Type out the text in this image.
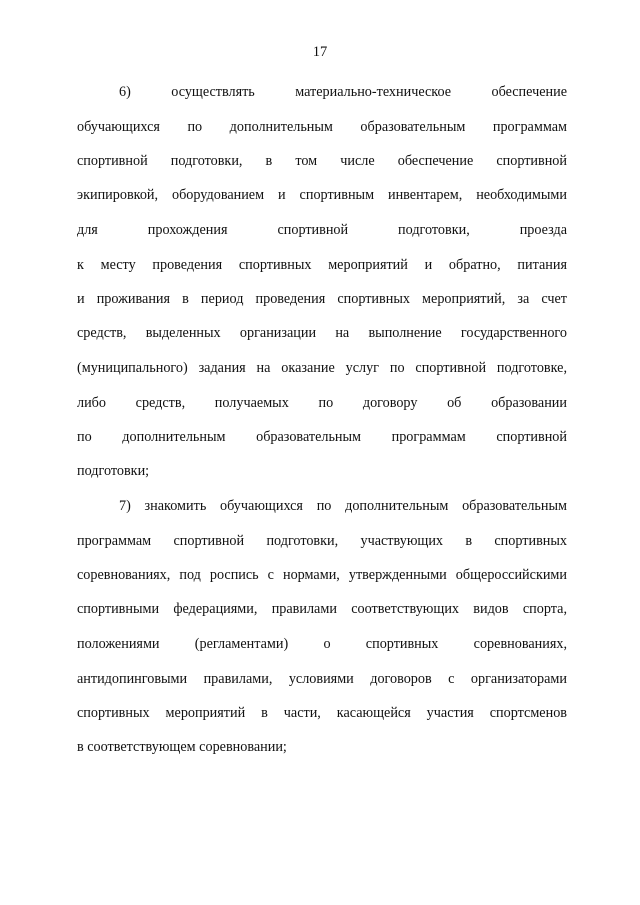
17
6) осуществлять материально-техническое обеспечение
обучающихся по дополнительным образовательным программам
спортивной подготовки, в том числе обеспечение спортивной
экипировкой, оборудованием и спортивным инвентарем, необходимыми
для прохождения спортивной подготовки, проезда
к месту проведения спортивных мероприятий и обратно, питания
и проживания в период проведения спортивных мероприятий, за счет
средств, выделенных организации на выполнение государственного
(муниципального) задания на оказание услуг по спортивной подготовке,
либо средств, получаемых по договору об образовании
по дополнительным образовательным программам спортивной
подготовки;
7) знакомить обучающихся по дополнительным образовательным
программам спортивной подготовки, участвующих в спортивных
соревнованиях, под роспись с нормами, утвержденными общероссийскими
спортивными федерациями, правилами соответствующих видов спорта,
положениями (регламентами) о спортивных соревнованиях,
антидопинговыми правилами, условиями договоров с организаторами
спортивных мероприятий в части, касающейся участия спортсменов
в соответствующем соревновании;
